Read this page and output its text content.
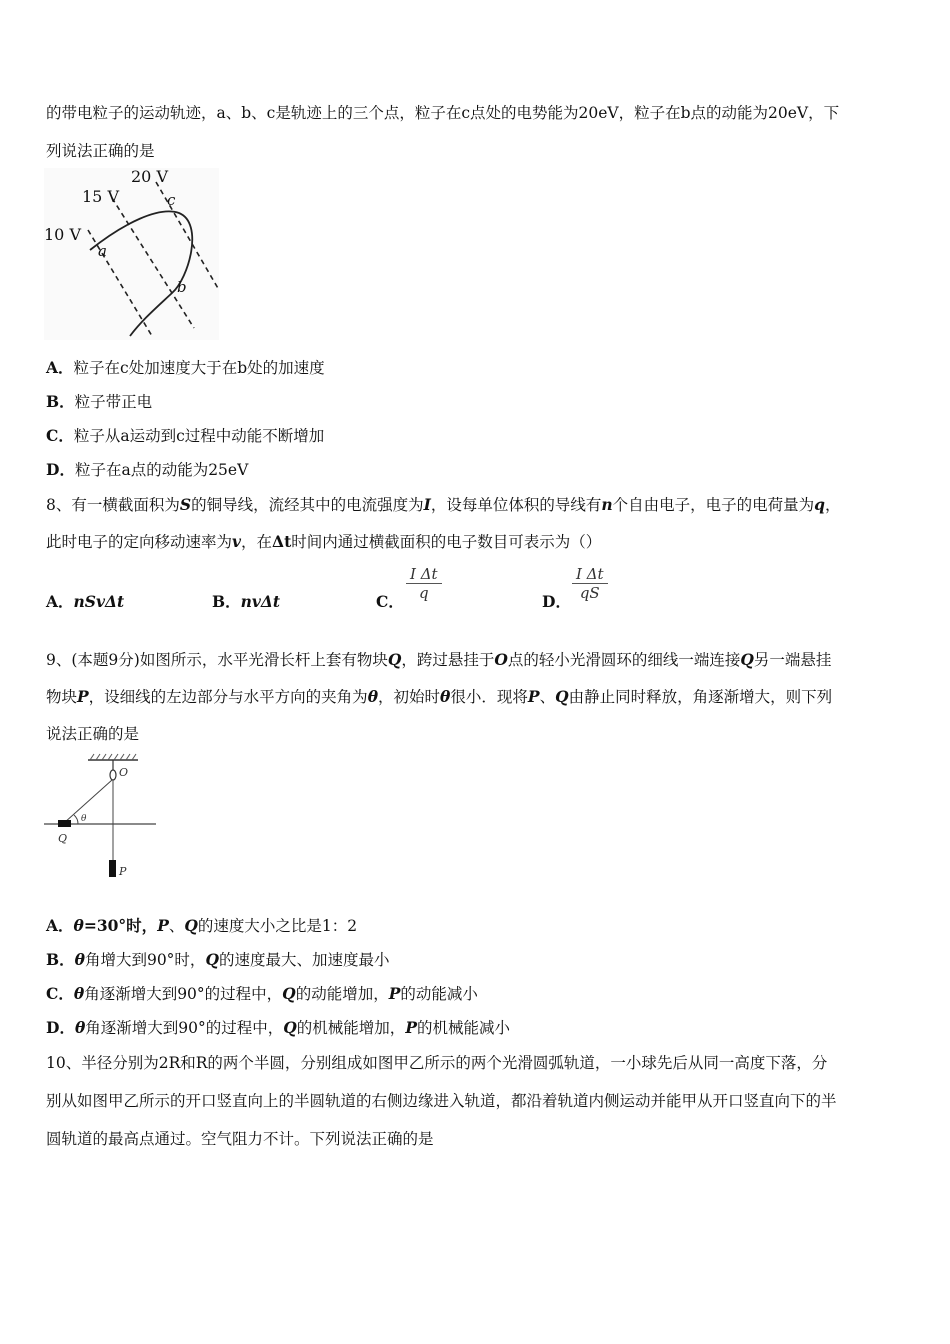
的带电粒子的运动轨迹，a、b、c是轨迹上的三个点，粒子在c点处的电势能为20eV，粒子在b点的动能为20eV，下
列说法正确的是
10 V
15 V
20 V
a
b
c
A．粒子在c处加速度大于在b处的加速度
B．粒子带正电
C．粒子从a运动到c过程中动能不断增加
D．粒子在a点的动能为25eV
8、有一横截面积为S的铜导线，流经其中的电流强度为I，设每单位体积的导线有n个自由电子，电子的电荷量为q，
此时电子的定向移动速率为v，在Δt时间内通过横截面积的电子数目可表示为（）
A．nSvΔt	B．nvΔt	C． $\frac{\text{I Δt}}{q}$	D． $\frac{\text{I Δt}}{qS}$
9、(本题9分)如图所示，水平光滑长杆上套有物块Q，跨过悬挂于O点的轻小光滑圆环的细线一端连接Q另一端悬挂
物块P，设细线的左边部分与水平方向的夹角为θ，初始时θ很小．现将P、Q由静止同时释放，角逐渐增大，则下列
说法正确的是
O
θ
Q
P
A．θ=30°时，P、Q的速度大小之比是1：2
B．θ角增大到90°时，Q的速度最大、加速度最小
C．θ角逐渐增大到90°的过程中，Q的动能增加，P的动能减小
D．θ角逐渐增大到90°的过程中，Q的机械能增加，P的机械能减小
10、半径分别为2R和R的两个半圆，分别组成如图甲乙所示的两个光滑圆弧轨道，一小球先后从同一高度下落，分
别从如图甲乙所示的开口竖直向上的半圆轨道的右侧边缘进入轨道，都沿着轨道内侧运动并能甲从开口竖直向下的半
圆轨道的最高点通过。空气阻力不计。下列说法正确的是
